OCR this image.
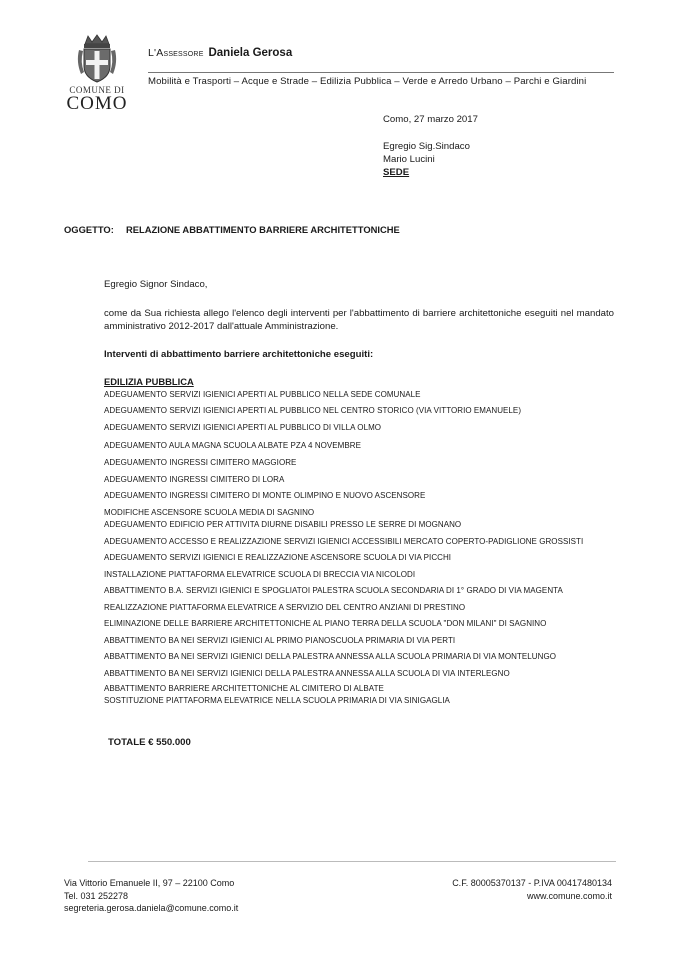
COMUNE DI
COMO
L'Assessore Daniela Gerosa
Mobilità e Trasporti – Acque e Strade – Edilizia Pubblica – Verde e Arredo Urbano – Parchi e Giardini
Como, 27 marzo 2017
Egregio Sig.Sindaco
Mario Lucini
SEDE
OGGETTO: RELAZIONE ABBATTIMENTO BARRIERE ARCHITETTONICHE
Egregio Signor Sindaco,
come da Sua richiesta allego l'elenco degli interventi per l'abbattimento di barriere architettoniche eseguiti nel mandato amministrativo 2012-2017 dall'attuale Amministrazione.
Interventi di abbattimento barriere architettoniche eseguiti:
EDILIZIA PUBBLICA
ADEGUAMENTO SERVIZI IGIENICI APERTI AL PUBBLICO NELLA SEDE COMUNALE
ADEGUAMENTO SERVIZI IGIENICI APERTI AL PUBBLICO NEL CENTRO STORICO (VIA VITTORIO EMANUELE)
ADEGUAMENTO SERVIZI IGIENICI APERTI AL PUBBLICO DI VILLA OLMO
ADEGUAMENTO AULA MAGNA SCUOLA ALBATE PZA 4 NOVEMBRE
ADEGUAMENTO INGRESSI CIMITERO MAGGIORE
ADEGUAMENTO INGRESSI CIMITERO DI LORA
ADEGUAMENTO INGRESSI CIMITERO DI MONTE OLIMPINO E NUOVO ASCENSORE
MODIFICHE ASCENSORE SCUOLA MEDIA DI SAGNINO
ADEGUAMENTO EDIFICIO PER ATTIVITA DIURNE DISABILI PRESSO LE SERRE DI MOGNANO
ADEGUAMENTO ACCESSO E REALIZZAZIONE SERVIZI IGIENICI ACCESSIBILI MERCATO COPERTO-PADIGLIONE GROSSISTI
ADEGUAMENTO SERVIZI IGIENICI E REALIZZAZIONE ASCENSORE SCUOLA DI VIA PICCHI
INSTALLAZIONE PIATTAFORMA ELEVATRICE SCUOLA DI BRECCIA VIA NICOLODI
ABBATTIMENTO B.A. SERVIZI IGIENICI E SPOGLIATOI PALESTRA SCUOLA SECONDARIA DI 1° GRADO DI VIA MAGENTA
REALIZZAZIONE PIATTAFORMA ELEVATRICE A SERVIZIO DEL CENTRO ANZIANI DI PRESTINO
ELIMINAZIONE DELLE BARRIERE ARCHITETTONICHE AL PIANO TERRA DELLA SCUOLA "DON MILANI" DI SAGNINO
ABBATTIMENTO BA NEI SERVIZI IGIENICI AL PRIMO PIANOSCUOLA PRIMARIA DI VIA PERTI
ABBATTIMENTO BA NEI SERVIZI IGIENICI DELLA PALESTRA ANNESSA ALLA SCUOLA PRIMARIA DI VIA MONTELUNGO
ABBATTIMENTO BA NEI SERVIZI IGIENICI DELLA PALESTRA ANNESSA ALLA SCUOLA DI VIA INTERLEGNO
ABBATTIMENTO BARRIERE ARCHITETTONICHE AL CIMITERO DI ALBATE
SOSTITUZIONE PIATTAFORMA ELEVATRICE NELLA SCUOLA PRIMARIA DI VIA SINIGAGLIA
TOTALE € 550.000
Via Vittorio Emanuele II, 97 – 22100 Como
Tel. 031 252278
segreteria.gerosa.daniela@comune.como.it
C.F. 80005370137 - P.IVA 00417480134
www.comune.como.it
